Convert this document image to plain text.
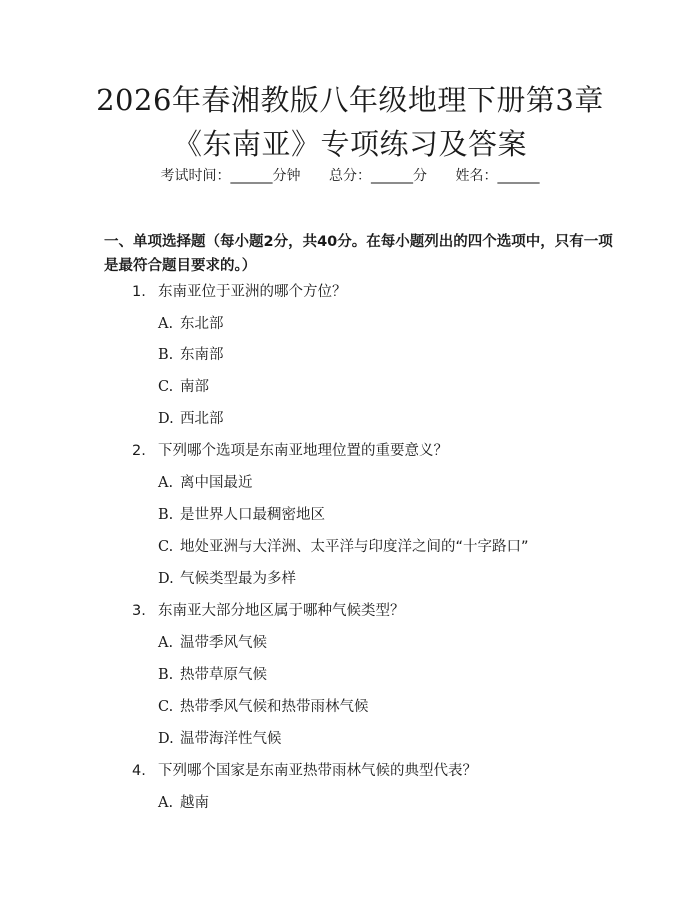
2026年春湘教版八年级地理下册第3章《东南亚》专项练习及答案
考试时间：______分钟 总分：______分 姓名：______
一、单项选择题（每小题2分，共40分。在每小题列出的四个选项中，只有一项是最符合题目要求的。）
1. 东南亚位于亚洲的哪个方位？
A. 东北部
B. 东南部
C. 南部
D. 西北部
2. 下列哪个选项是东南亚地理位置的重要意义？
A. 离中国最近
B. 是世界人口最稠密地区
C. 地处亚洲与大洋洲、太平洋与印度洋之间的“十字路口”
D. 气候类型最为多样
3. 东南亚大部分地区属于哪种气候类型？
A. 温带季风气候
B. 热带草原气候
C. 热带季风气候和热带雨林气候
D. 温带海洋性气候
4. 下列哪个国家是东南亚热带雨林气候的典型代表？
A. 越南
